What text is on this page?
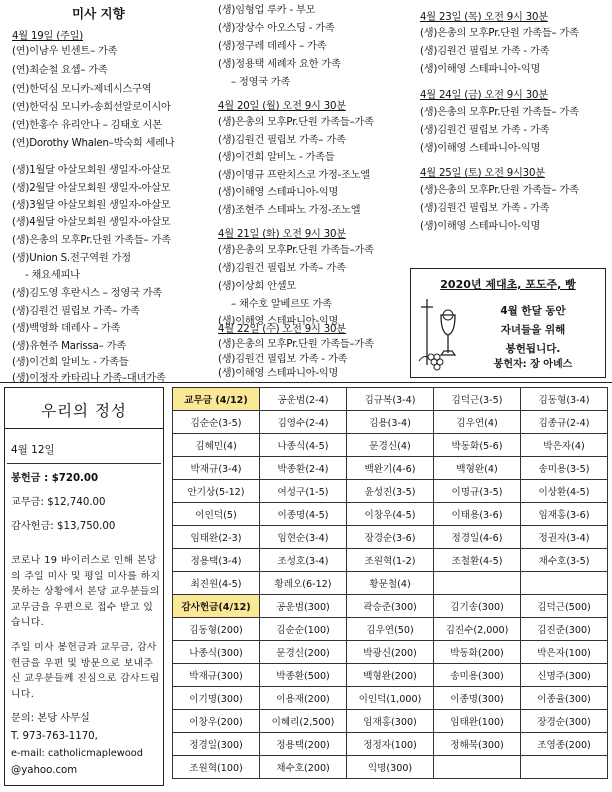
미사 지향
4월 19일 (주일)
(연)이남우 빈센트– 가족
(연)최순철 요셉– 가족
(연)한덕심 모니카-제네시스구역
(연)한덕심 모니카-송희선알로이시아
(연)한홍수 유리안나 – 김태호 시몬
(연)Dorothy Whalen–박숙희 세레나
(생)1월달 아살모회원 생일자-아살모
(생)2월달 아살모회원 생일자-아살모
(생)3월달 아살모회원 생일자-아살모
(생)4월달 아살모회원 생일자-아살모
(생)은총의 모후Pr.단원 가족들– 가족
(생)Union S.전구역원 가정
　 - 채요세피나
(생)김도영 후란시스 – 정영국 가족
(생)김원건 필립보 가족– 가족
(생)백영화 데레사 – 가족
(생)유현주 Marissa– 가족
(생)이건희 알비노 - 가족들
(생)이정자 카타리나 가족–대녀가족
(생)임형업 루카 - 부모
(생)장상수 아오스딩 - 가족
(생)정구레 데레사 – 가족
(생)정용택 세례자 요한 가족
　 – 정영국 가족
4월 20일 (월) 오전 9시 30분
(생)은총의 모후Pr.단원 가족들–가족
(생)김원건 필립보 가족– 가족
(생)이건희 알비노 - 가족들
(생)이명규 프란치스코 가정-조노엘
(생)이해영 스테파니아-익명
(생)조현주 스테파노 가정-조노엘
4월 21일 (화) 오전 9시 30분
(생)은총의 모후Pr.단원 가족들–가족
(생)김원건 필립보 가족– 가족
(생)이상희 안셀모
　 – 채수호 알베르또 가족
(생)이해영 스테파니아-익명
4월 22일 (수) 오전 9시 30분
(생)은총의 모후Pr.단원 가족들–가족
(생)김원건 필립보 가족 - 가족
(생)이해영 스테파니아-익명
4월 23일 (목) 오전 9시 30분
(생)은총의 모후Pr.단원 가족들– 가족
(생)김원건 필립보 가족 - 가족
(생)이해영 스테파니아-익명
4월 24일 (금) 오전 9시 30분
(생)은총의 모후Pr.단원 가족들– 가족
(생)김원건 필립보 가족 - 가족
(생)이해영 스테파니아-익명
4월 25일 (토) 오전 9시30분
(생)은총의 모후Pr.단원 가족들– 가족
(생)김원건 필립보 가족 - 가족
(생)이해영 스테파니아-익명
2020년 제대초, 포도주, 빵
4월 한달 동안
자녀들을 위해
봉헌됩니다.
봉헌자: 장 아녜스
우리의 정성
4월 12일
봉헌금 : $720.00
교무금: $12,740.00
감사헌금: $13,750.00
코로나 19 바이러스로 인해 본당의 주일 미사 및 평일 미사를 하지 못하는 상황에서 본당 교우분들의 교무금을 우편으로 접수 받고 있습니다.
주일 미사 봉헌금과 교무금, 감사헌금을 우편 및 방문으로 보내주신 교우분들께 진심으로 감사드립니다.
문의: 본당 사무실
T. 973-763-1170,
e-mail: catholicmaplewood
@yahoo.com
교무금 (4/12)	공운범(2-4)	김규복(3-4)	김덕근(3-5)	김동형(3-4)
김순순(3-5)	김영수(2-4)	김용(3-4)	김우연(4)	김종규(2-4)
김혜민(4)	나종식(4-5)	문경신(4)	박동화(5-6)	박은자(4)
박재규(3-4)	박종환(2-4)	백완기(4-6)	백형완(4)	송미용(3-5)
안기상(5-12)	여성구(1-5)	윤성진(3-5)	이명규(3-5)	이상환(4-5)
이인덕(5)	이종명(4-5)	이창우(4-5)	이태용(3-6)	임재홍(3-6)
임태완(2-3)	임현순(3-4)	장경순(3-6)	정경일(4-6)	정권자(3-4)
정용택(3-4)	조성호(3-4)	조원혁(1-2)	조철환(4-5)	채수호(3-5)
최진원(4-5)	황레오(6-12)	황문철(4)		
감사헌금(4/12)	공운범(300)	곽승준(300)	김기송(300)	김덕근(500)
김동형(200)	김순순(100)	김우연(50)	김진수(2,000)	김진준(300)
나종식(300)	문경신(200)	박광신(200)	박동화(200)	박은자(100)
박재규(300)	박종환(500)	백형완(200)	송미용(300)	신명주(300)
이기명(300)	이용재(200)	이인덕(1,000)	이종명(300)	이종율(300)
이창우(200)	이혜리(2,500)	임재홍(300)	임태완(100)	장경순(300)
정경일(300)	정용택(200)	정정자(100)	정해묵(300)	조영종(200)
조원혁(100)	채수호(200)	익명(300)		
